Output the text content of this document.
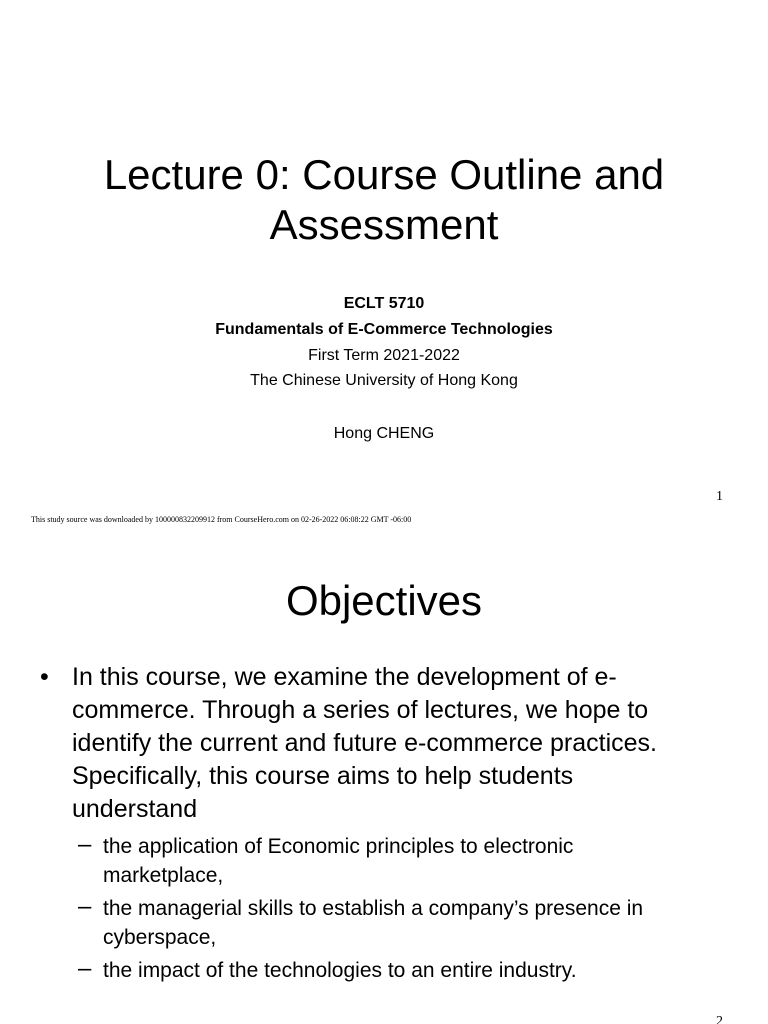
Lecture 0: Course Outline and
Assessment
ECLT 5710
Fundamentals of E-Commerce Technologies
First Term 2021-2022
The Chinese University of Hong Kong
Hong CHENG
1
This study source was downloaded by 100000832209912 from CourseHero.com on 02-26-2022 06:08:22 GMT -06:00
Objectives
• In this course, we examine the development of e-
commerce. Through a series of lectures, we hope to
identify the current and future e-commerce practices.
Specifically, this course aims to help students
understand
– the application of Economic principles to electronic
marketplace,
– the managerial skills to establish a company’s presence in
cyberspace,
– the impact of the technologies to an entire industry.
2
